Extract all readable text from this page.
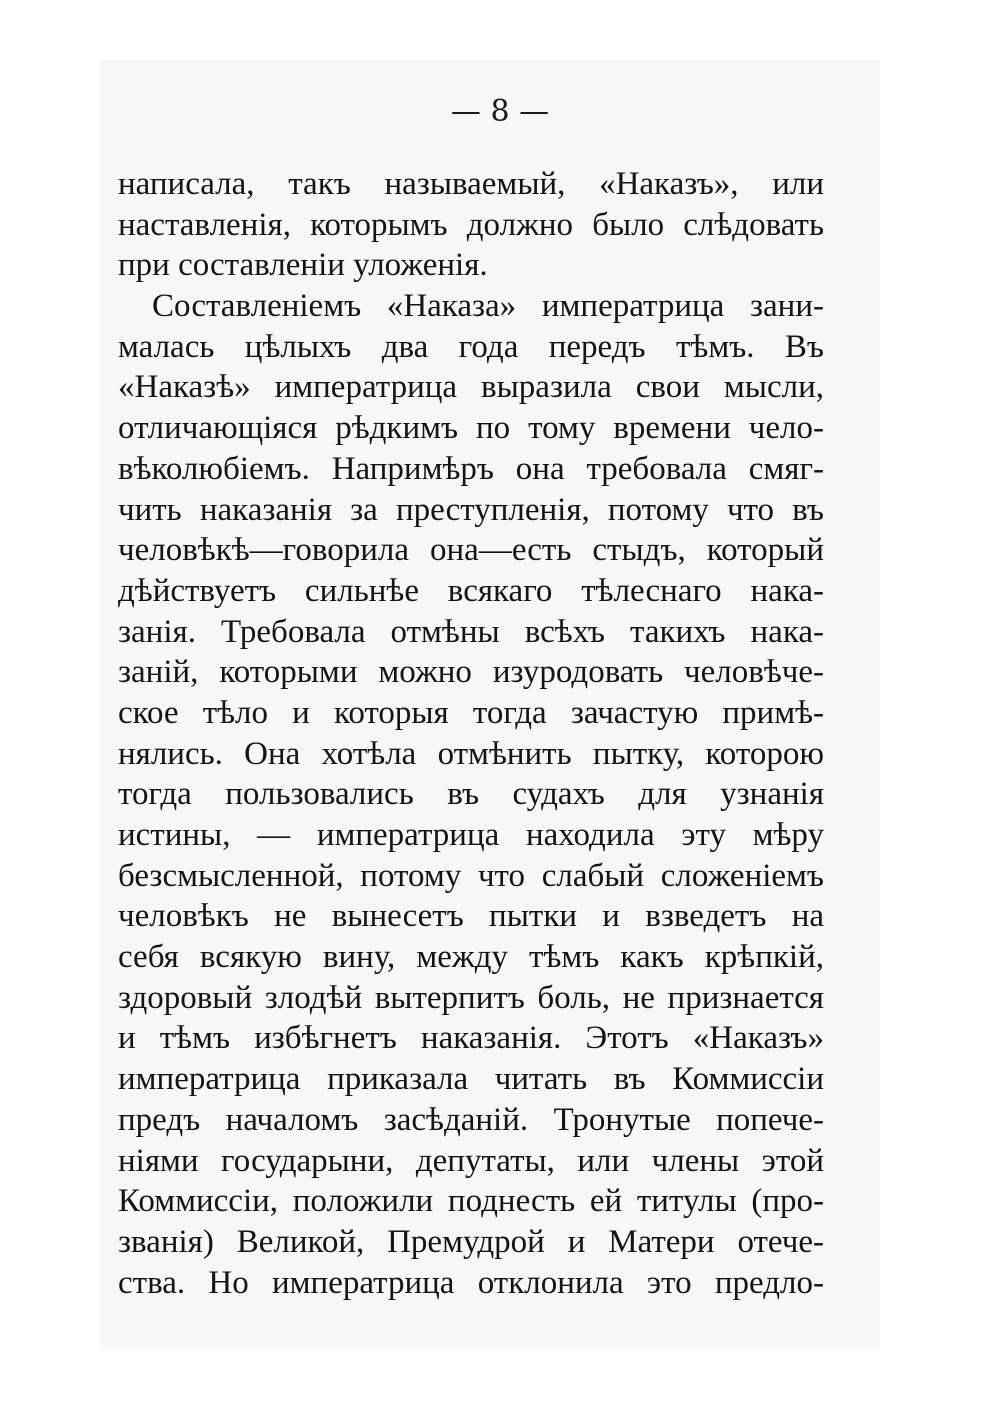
— 8 —
написала, такъ называемый, «Наказъ», или
наставленія, которымъ должно было слѣдовать
при составленіи уложенія.
Составленіемъ «Наказа» императрица зани-
малась цѣлыхъ два года передъ тѣмъ. Въ
«Наказѣ» императрица выразила свои мысли,
отличающіяся рѣдкимъ по тому времени чело-
вѣколюбіемъ. Напримѣръ она требовала смяг-
чить наказанія за преступленія, потому что въ
человѣкѣ—говорила она—есть стыдъ, который
дѣйствуетъ сильнѣе всякаго тѣлеснаго нака-
занія. Требовала отмѣны всѣхъ такихъ нака-
заній, которыми можно изуродовать человѣче-
ское тѣло и которыя тогда зачастую примѣ-
нялись. Она хотѣла отмѣнить пытку, которою
тогда пользовались въ судахъ для узнанія
истины, — императрица находила эту мѣру
безсмысленной, потому что слабый сложеніемъ
человѣкъ не вынесетъ пытки и взведетъ на
себя всякую вину, между тѣмъ какъ крѣпкій,
здоровый злодѣй вытерпитъ боль, не признается
и тѣмъ избѣгнетъ наказанія. Этотъ «Наказъ»
императрица приказала читать въ Коммиссіи
предъ началомъ засѣданій. Тронутые попече-
ніями государыни, депутаты, или члены этой
Коммиссіи, положили поднесть ей титулы (про-
званія) Великой, Премудрой и Матери отече-
ства. Но императрица отклонила это предло-
